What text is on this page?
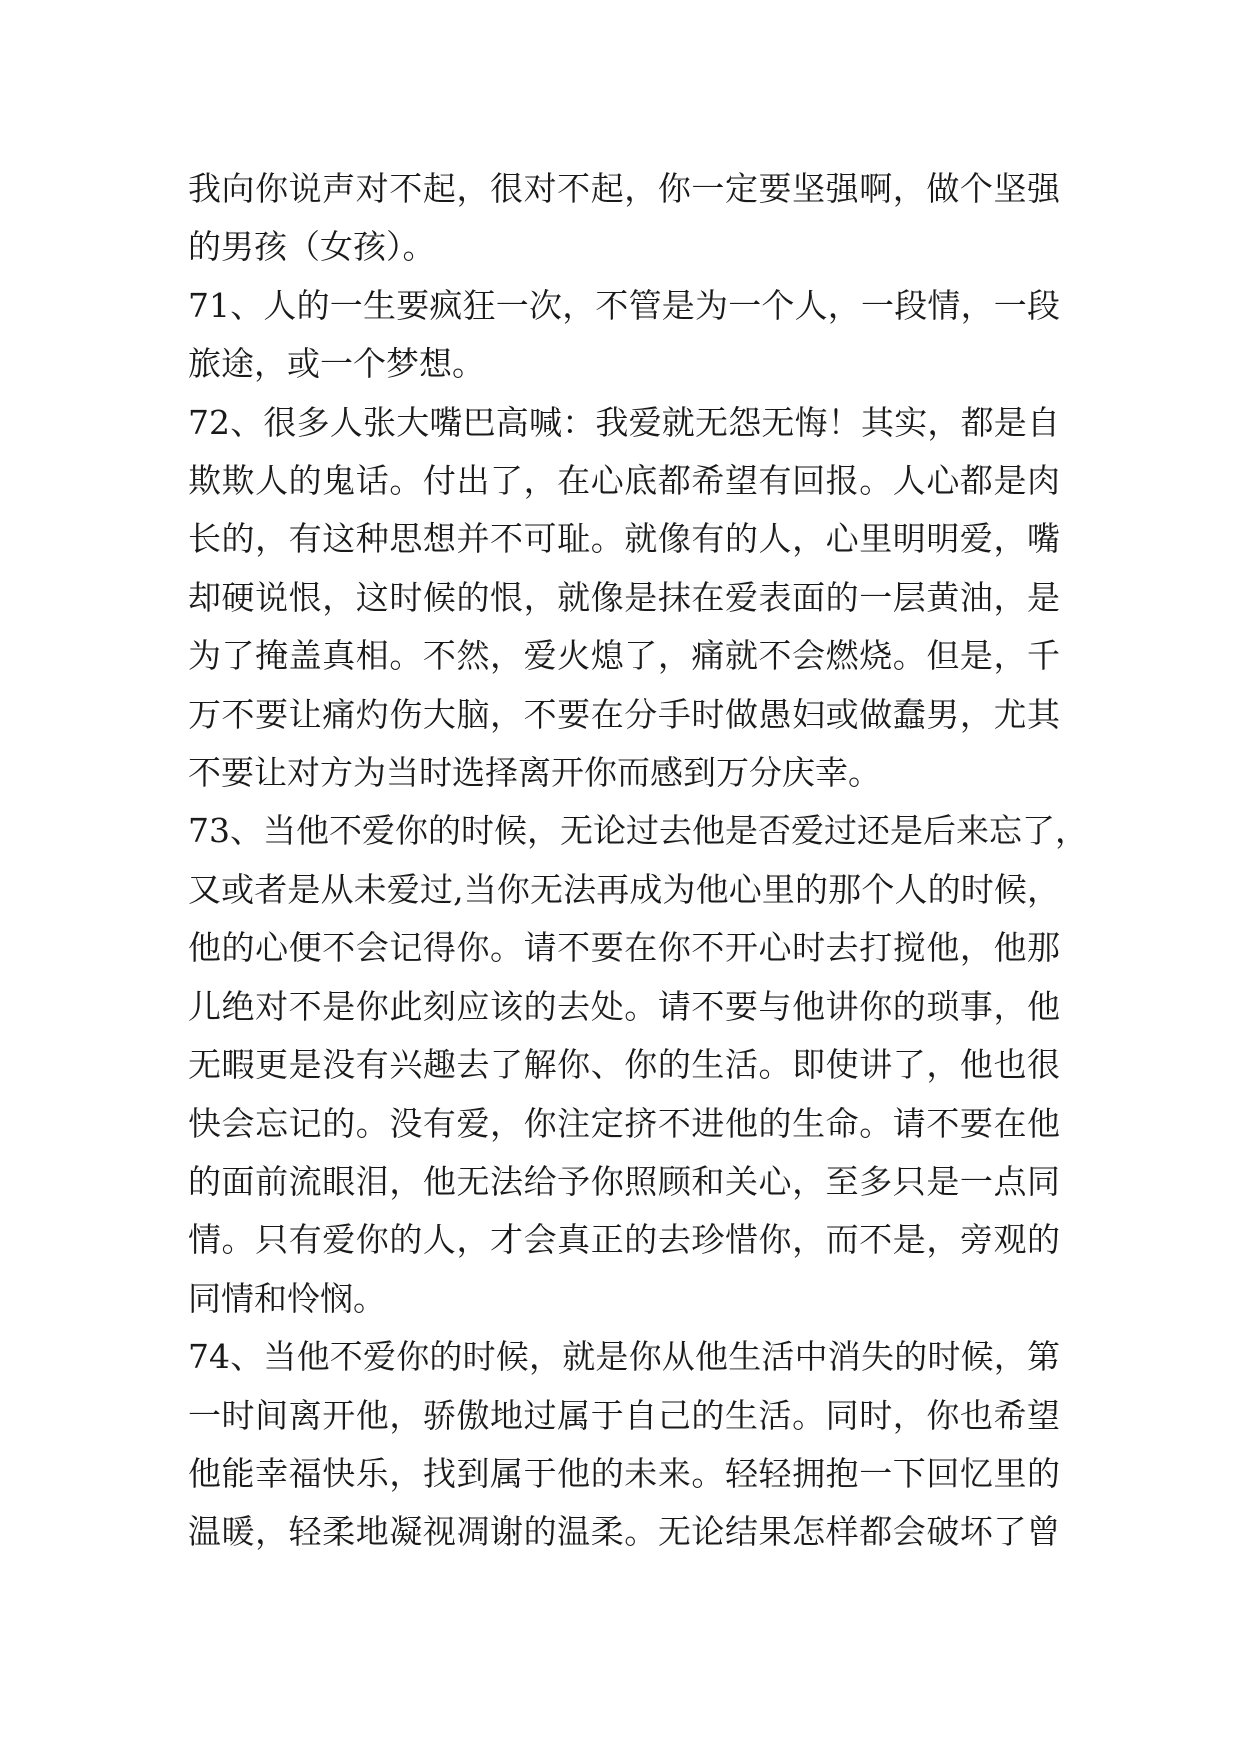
我向你说声对不起，很对不起，你一定要坚强啊，做个坚强
的男孩（女孩）。

71、人的一生要疯狂一次，不管是为一个人，一段情，一段
旅途，或一个梦想。

72、很多人张大嘴巴高喊：我爱就无怨无悔！其实，都是自
欺欺人的鬼话。付出了，在心底都希望有回报。人心都是肉
长的，有这种思想并不可耻。就像有的人，心里明明爱，嘴
却硬说恨，这时候的恨，就像是抹在爱表面的一层黄油，是
为了掩盖真相。不然，爱火熄了，痛就不会燃烧。但是，千
万不要让痛灼伤大脑，不要在分手时做愚妇或做蠢男，尤其
不要让对方为当时选择离开你而感到万分庆幸。

73、当他不爱你的时候，无论过去他是否爱过还是后来忘了，
又或者是从未爱过,当你无法再成为他心里的那个人的时候，
他的心便不会记得你。请不要在你不开心时去打搅他，他那
儿绝对不是你此刻应该的去处。请不要与他讲你的琐事，他
无暇更是没有兴趣去了解你、你的生活。即使讲了，他也很
快会忘记的。没有爱，你注定挤不进他的生命。请不要在他
的面前流眼泪，他无法给予你照顾和关心，至多只是一点同
情。只有爱你的人，才会真正的去珍惜你，而不是，旁观的
同情和怜悯。

74、当他不爱你的时候，就是你从他生活中消失的时候，第
一时间离开他，骄傲地过属于自己的生活。同时，你也希望
他能幸福快乐，找到属于他的未来。轻轻拥抱一下回忆里的
温暖，轻柔地凝视凋谢的温柔。无论结果怎样都会破坏了曾
